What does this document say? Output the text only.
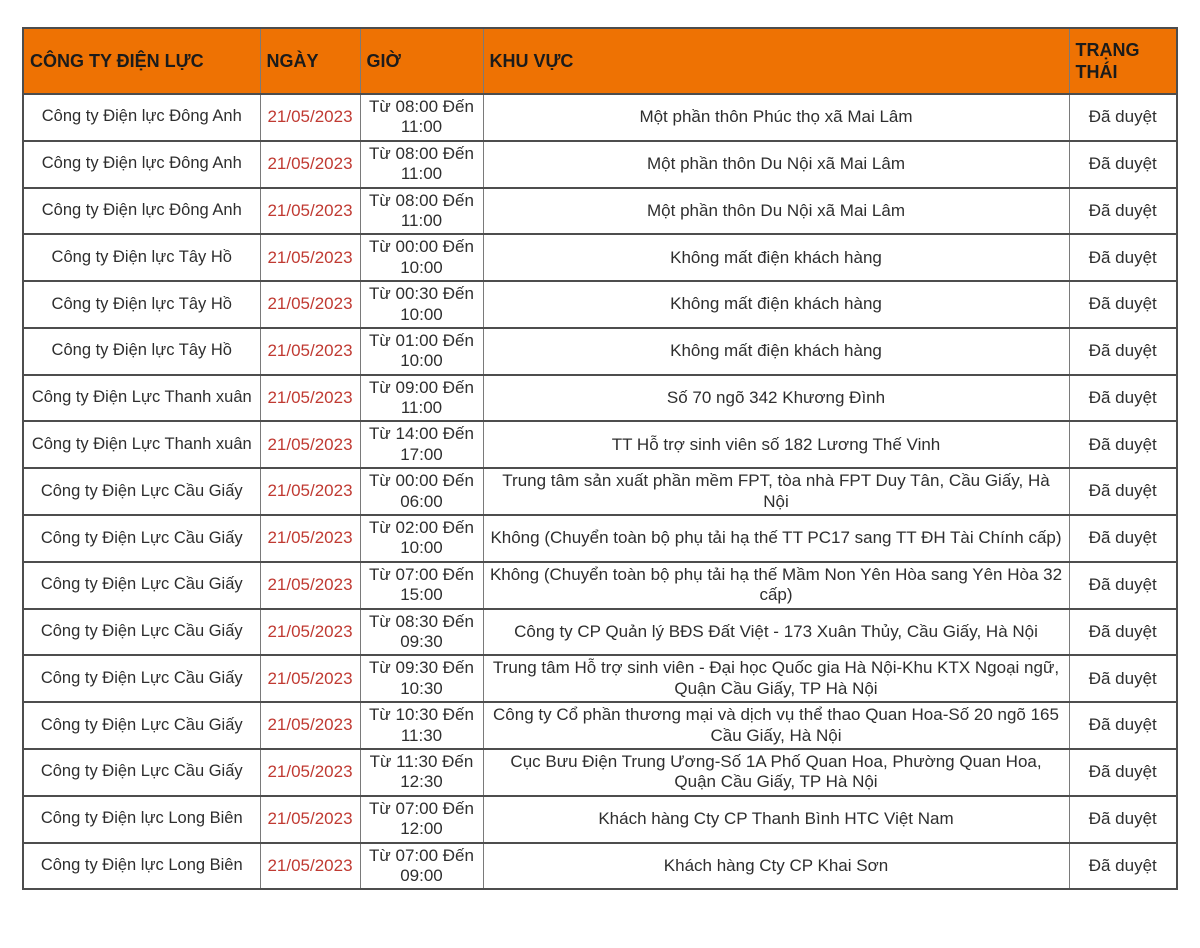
CÔNG TY ĐIỆN LỰC	NGÀY	GIỜ	KHU VỰC	TRẠNG THÁI
Công ty Điện lực Đông Anh	21/05/2023	Từ 08:00 Đến 11:00	Một phần thôn Phúc thọ xã Mai Lâm	Đã duyệt
Công ty Điện lực Đông Anh	21/05/2023	Từ 08:00 Đến 11:00	Một phần thôn Du Nội xã Mai Lâm	Đã duyệt
Công ty Điện lực Đông Anh	21/05/2023	Từ 08:00 Đến 11:00	Một phần thôn Du Nội xã Mai Lâm	Đã duyệt
Công ty Điện lực Tây Hồ	21/05/2023	Từ 00:00 Đến 10:00	Không mất điện khách hàng	Đã duyệt
Công ty Điện lực Tây Hồ	21/05/2023	Từ 00:30 Đến 10:00	Không mất điện khách hàng	Đã duyệt
Công ty Điện lực Tây Hồ	21/05/2023	Từ 01:00 Đến 10:00	Không mất điện khách hàng	Đã duyệt
Công ty Điện Lực Thanh xuân	21/05/2023	Từ 09:00 Đến 11:00	Số 70 ngõ 342 Khương Đình	Đã duyệt
Công ty Điện Lực Thanh xuân	21/05/2023	Từ 14:00 Đến 17:00	TT Hỗ trợ sinh viên số 182 Lương Thế Vinh	Đã duyệt
Công ty Điện Lực Cầu Giấy	21/05/2023	Từ 00:00 Đến 06:00	Trung tâm sản xuất phần mềm FPT, tòa nhà FPT Duy Tân, Cầu Giấy, Hà Nội	Đã duyệt
Công ty Điện Lực Cầu Giấy	21/05/2023	Từ 02:00 Đến 10:00	Không (Chuyển toàn bộ phụ tải hạ thế TT PC17 sang TT ĐH Tài Chính cấp)	Đã duyệt
Công ty Điện Lực Cầu Giấy	21/05/2023	Từ 07:00 Đến 15:00	Không (Chuyển toàn bộ phụ tải hạ thế Mầm Non Yên Hòa sang Yên Hòa 32 cấp)	Đã duyệt
Công ty Điện Lực Cầu Giấy	21/05/2023	Từ 08:30 Đến 09:30	Công ty CP Quản lý BĐS Đất Việt - 173 Xuân Thủy, Cầu Giấy, Hà Nội	Đã duyệt
Công ty Điện Lực Cầu Giấy	21/05/2023	Từ 09:30 Đến 10:30	Trung tâm Hỗ trợ sinh viên - Đại học Quốc gia Hà Nội-Khu KTX Ngoại ngữ, Quận Cầu Giấy, TP Hà Nội	Đã duyệt
Công ty Điện Lực Cầu Giấy	21/05/2023	Từ 10:30 Đến 11:30	Công ty Cổ phần thương mại và dịch vụ thể thao Quan Hoa-Số 20 ngõ 165 Cầu Giấy, Hà Nội	Đã duyệt
Công ty Điện Lực Cầu Giấy	21/05/2023	Từ 11:30 Đến 12:30	Cục Bưu Điện Trung Ương-Số 1A Phố Quan Hoa, Phường Quan Hoa, Quận Cầu Giấy, TP Hà Nội	Đã duyệt
Công ty Điện lực Long Biên	21/05/2023	Từ 07:00 Đến 12:00	Khách hàng Cty CP Thanh Bình HTC Việt Nam	Đã duyệt
Công ty Điện lực Long Biên	21/05/2023	Từ 07:00 Đến 09:00	Khách hàng Cty CP Khai Sơn	Đã duyệt
